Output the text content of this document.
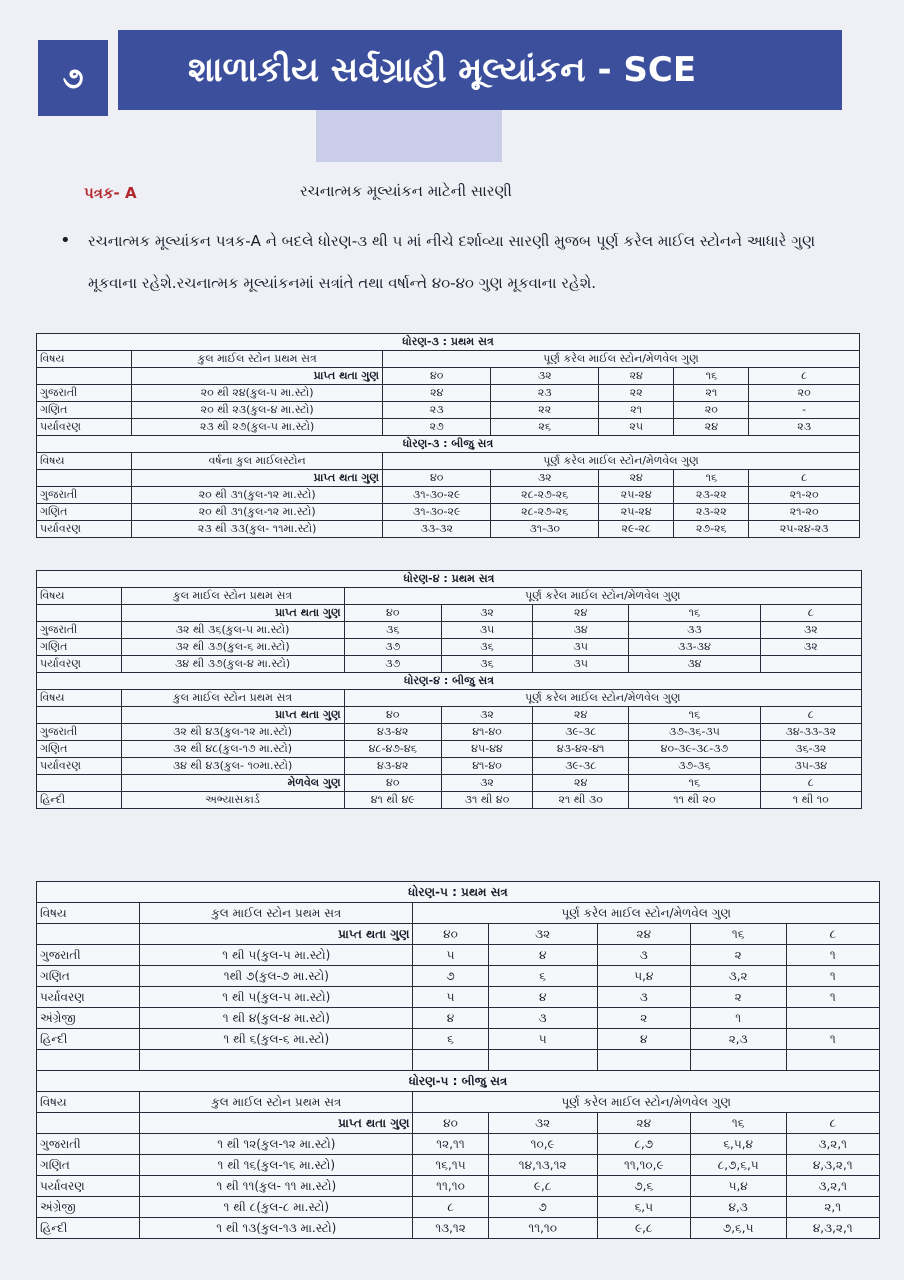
૭	શાળાકીય સર્વગ્રાહી મૂલ્યાંકન - SCE
પત્રક- A	રચનાત્મક મૂલ્યાંકન માટેની સારણી
• રચનાત્મક મૂલ્યાંકન પત્રક-A ને બદલે ધોરણ-૩ થી ૫ માં નીચે દર્શાવ્યા સારણી મુજબ પૂર્ણ કરેલ માઈલ સ્ટોનને આધારે ગુણ મૂકવાના રહેશે.રચનાત્મક મૂલ્યાંકનમાં સત્રાંતે તથા વર્ષાન્તે ૪૦-૪૦ ગુણ મૂકવાના રહેશે.
ધોરણ-૩ : પ્રથમ સત્ર						
વિષય	કુલ માઈલ સ્ટોન પ્રથમ સત્ર	પૂર્ણ કરેલ માઈલ સ્ટોન/મેળવેલ ગુણ				
	પ્રાપ્ત થતા ગુણ	૪૦	૩૨	૨૪	૧૬	૮
ગુજરાતી	૨૦ થી ૨૪(કુલ-૫ મા.સ્ટો)	૨૪	૨૩	૨૨	૨૧	૨૦
ગણિત	૨૦ થી ૨૩(કુલ-૪ મા.સ્ટો)	૨૩	૨૨	૨૧	૨૦	-
પર્યાવરણ	૨૩ થી ૨૭(કુલ-૫ મા.સ્ટો)	૨૭	૨૬	૨૫	૨૪	૨૩
ધોરણ-૩ : બીજુ સત્ર						
વિષય	વર્ષના કુલ માઈલસ્ટોન	પૂર્ણ કરેલ માઈલ સ્ટોન/મેળવેલ ગુણ				
	પ્રાપ્ત થતા ગુણ	૪૦	૩૨	૨૪	૧૬	૮
ગુજરાતી	૨૦ થી ૩૧(કુલ-૧૨ મા.સ્ટો)	૩૧-૩૦-૨૯	૨૮-૨૭-૨૬	૨૫-૨૪	૨૩-૨૨	૨૧-૨૦
ગણિત	૨૦ થી ૩૧(કુલ-૧૨ મા.સ્ટો)	૩૧-૩૦-૨૯	૨૮-૨૭-૨૬	૨૫-૨૪	૨૩-૨૨	૨૧-૨૦
પર્યાવરણ	૨૩ થી ૩૩(કુલ- ૧૧મા.સ્ટો)	૩૩-૩૨	૩૧-૩૦	૨૯-૨૮	૨૭-૨૬	૨૫-૨૪-૨૩
ધોરણ-૪ : પ્રથમ સત્ર						
વિષય	કુલ માઈલ સ્ટોન પ્રથમ સત્ર	પૂર્ણ કરેલ માઈલ સ્ટોન/મેળવેલ ગુણ				
	પ્રાપ્ત થતા ગુણ	૪૦	૩૨	૨૪	૧૬	૮
ગુજરાતી	૩૨ થી ૩૬(કુલ-૫ મા.સ્ટો)	૩૬	૩૫	૩૪	૩૩	૩૨
ગણિત	૩૨ થી ૩૭(કુલ-૬ મા.સ્ટો)	૩૭	૩૬	૩૫	૩૩-૩૪	૩૨
પર્યાવરણ	૩૪ થી ૩૭(કુલ-૪ મા.સ્ટો)	૩૭	૩૬	૩૫	૩૪	
ધોરણ-૪ : બીજુ સત્ર						
વિષય	કુલ માઈલ સ્ટોન પ્રથમ સત્ર	પૂર્ણ કરેલ માઈલ સ્ટોન/મેળવેલ ગુણ				
	પ્રાપ્ત થતા ગુણ	૪૦	૩૨	૨૪	૧૬	૮
ગુજરાતી	૩૨ થી ૪૩(કુલ-૧૨ મા.સ્ટો)	૪૩-૪૨	૪૧-૪૦	૩૯-૩૮	૩૭-૩૬-૩૫	૩૪-૩૩-૩૨
ગણિત	૩૨ થી ૪૮(કુલ-૧૭ મા.સ્ટો)	૪૮-૪૭-૪૬	૪૫-૪૪	૪૩-૪૨-૪૧	૪૦-૩૯-૩૮-૩૭	૩૬-૩૨
પર્યાવરણ	૩૪ થી ૪૩(કુલ- ૧૦મા.સ્ટો)	૪૩-૪૨	૪૧-૪૦	૩૯-૩૮	૩૭-૩૬	૩૫-૩૪
	મેળવેલ ગુણ	૪૦	૩૨	૨૪	૧૬	૮
હિન્દી	અભ્યાસકાર્ડ	૪૧ થી ૪૯	૩૧ થી ૪૦	૨૧ થી ૩૦	૧૧ થી ૨૦	૧ થી ૧૦
ધોરણ-૫ : પ્રથમ સત્ર						
વિષય	કુલ માઈલ સ્ટોન પ્રથમ સત્ર	પૂર્ણ કરેલ માઈલ સ્ટોન/મેળવેલ ગુણ				
	પ્રાપ્ત થતા ગુણ	૪૦	૩૨	૨૪	૧૬	૮
ગુજરાતી	૧ થી ૫(કુલ-૫ મા.સ્ટો)	૫	૪	૩	૨	૧
ગણિત	૧થી ૭(કુલ-૭ મા.સ્ટો)	૭	૬	૫,૪	૩,૨	૧
પર્યાવરણ	૧ થી ૫(કુલ-૫ મા.સ્ટો)	૫	૪	૩	૨	૧
અંગ્રેજી	૧ થી ૪(કુલ-૪ મા.સ્ટો)	૪	૩	૨	૧	
હિન્દી	૧ થી ૬(કુલ-૬ મા.સ્ટો)	૬	૫	૪	૨,૩	૧

ધોરણ-૫ : બીજુ સત્ર						
વિષય	કુલ માઈલ સ્ટોન પ્રથમ સત્ર	પૂર્ણ કરેલ માઈલ સ્ટોન/મેળવેલ ગુણ				
	પ્રાપ્ત થતા ગુણ	૪૦	૩૨	૨૪	૧૬	૮
ગુજરાતી	૧ થી ૧૨(કુલ-૧૨ મા.સ્ટો)	૧૨,૧૧	૧૦,૯	૮,૭	૬,૫,૪	૩,૨,૧
ગણિત	૧ થી ૧૬(કુલ-૧૬ મા.સ્ટો)	૧૬,૧૫	૧૪,૧૩,૧૨	૧૧,૧૦,૯	૮,૭,૬,૫	૪,૩,૨,૧
પર્યાવરણ	૧ થી ૧૧(કુલ- ૧૧ મા.સ્ટો)	૧૧,૧૦	૯,૮	૭,૬	૫,૪	૩,૨,૧
અંગ્રેજી	૧ થી ૮(કુલ-૮ મા.સ્ટો)	૮	૭	૬,૫	૪,૩	૨,૧
હિન્દી	૧ થી ૧૩(કુલ-૧૩ મા.સ્ટો)	૧૩,૧૨	૧૧,૧૦	૯,૮	૭,૬,૫	૪,૩,૨,૧
